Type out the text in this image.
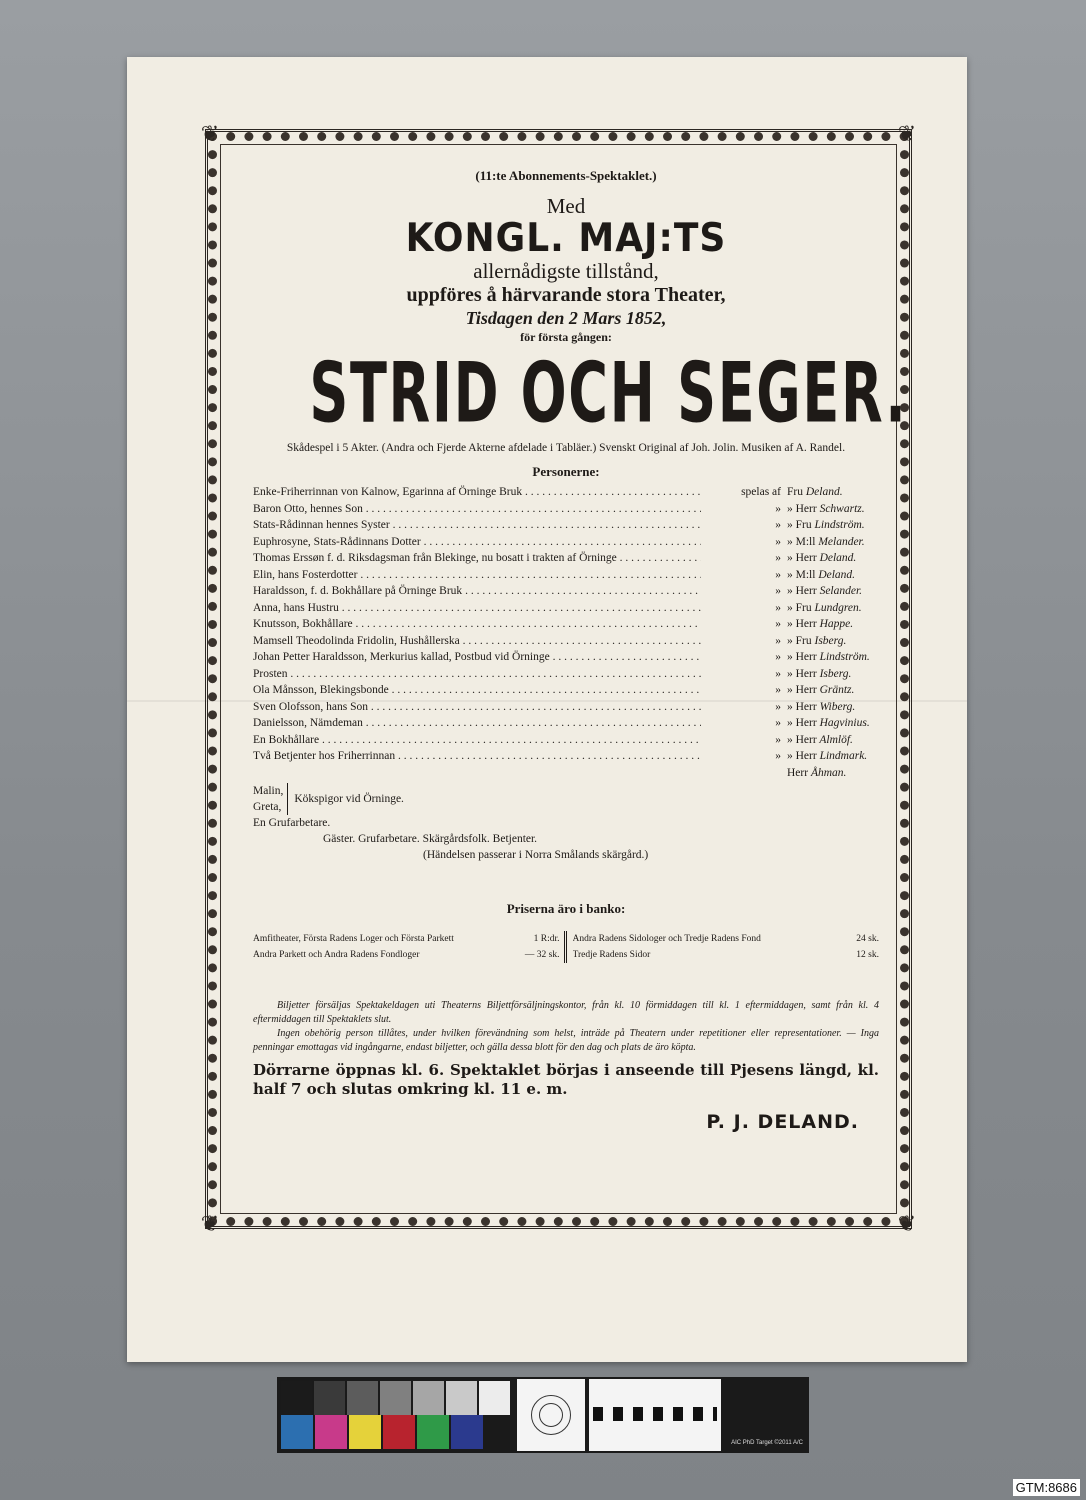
❦	❦
❦	❦
(11:te Abonnements-Spektaklet.)
Med
KONGL. MAJ:TS
allernådigste tillstånd,
uppföres å härvarande stora Theater,
Tisdagen den 2 Mars 1852,
för första gången:
STRID OCH SEGER.
Skådespel i 5 Akter. (Andra och Fjerde Akterne afdelade i Tabläer.) Svenskt Original af Joh. Jolin. Musiken af A. Randel.
Personerne:
Enke-Friherrinnan von Kalnow, Egarinna af Örninge Bruk . . .	spelas af Fru Deland.
Baron Otto, hennes Son . . .	» » Herr Schwartz.
Stats-Rådinnan hennes Syster . . .	» » Fru Lindström.
Euphrosyne, Stats-Rådinnans Dotter . . .	» » M:ll Melander.
Thomas Erssøn f. d. Riksdagsman från Blekinge, nu bosatt i trakten af Örninge . . .	» » Herr Deland.
Elin, hans Fosterdotter . . .	» » M:ll Deland.
Haraldsson, f. d. Bokhållare på Örninge Bruk . . .	» » Herr Selander.
Anna, hans Hustru . . .	» » Fru Lundgren.
Knutsson, Bokhållare . . .	» » Herr Happe.
Mamsell Theodolinda Fridolin, Hushållerska . . .	» » Fru Isberg.
Johan Petter Haraldsson, Merkurius kallad, Postbud vid Örninge . . .	» » Herr Lindström.
Prosten . . .	» » Herr Isberg.
Ola Månsson, Blekingsbonde . . .	» » Herr Gräntz.
Sven Olofsson, hans Son . . .	» » Herr Wiberg.
Danielsson, Nämdeman . . .	» » Herr Hagvinius.
En Bokhållare . . .	» » Herr Almlöf.
Två Betjenter hos Friherrinnan . . .	» » Herr Lindmark.
Herr Åhman.
Malin,
Greta,
Kökspigor vid Örninge.
En Grufarbetare.
Gäster. Grufarbetare. Skärgårdsfolk. Betjenter.
(Händelsen passerar i Norra Smålands skärgård.)
Priserna äro i banko:
Amfitheater, Första Radens Loger och Första Parkett	1 R:dr.
Andra Parkett och Andra Radens Fondloger	— 32 sk.
Andra Radens Sidologer och Tredje Radens Fond	24 sk.
Tredje Radens Sidor	12 sk.

Biljetter försäljas Spektakeldagen uti Theaterns Biljettförsäljningskontor, från kl. 10 förmiddagen till kl. 1 eftermiddagen, samt från kl. 4 eftermiddagen till Spektaklets slut.

Ingen obehörig person tillåtes, under hvilken förevändning som helst, inträde på Theatern under repetitioner eller representationer. — Inga penningar emottagas vid ingångarne, endast biljetter, och gälla dessa blott för den dag och plats de äro köpta.

Dörrarne öppnas kl. 6. Spektaklet börjas i anseende till Pjesens längd, kl. half 7 och slutas omkring kl. 11 e. m.
P. J. DELAND.
AIC PhD Target ©2011 A/C
GTM:8686
